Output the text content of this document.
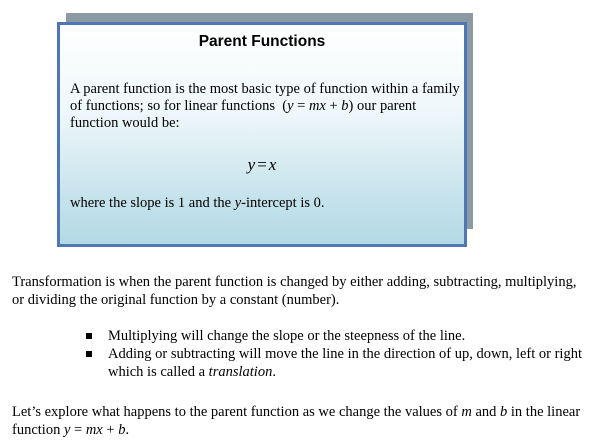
Parent Functions
A parent function is the most basic type of function within a family of functions; so for linear functions (y = mx + b) our parent function would be:
y = x
where the slope is 1 and the y-intercept is 0.
Transformation is when the parent function is changed by either adding, subtracting, multiplying, or dividing the original function by a constant (number).
Multiplying will change the slope or the steepness of the line.
Adding or subtracting will move the line in the direction of up, down, left or right which is called a translation.
Let’s explore what happens to the parent function as we change the values of m and b in the linear function y = mx + b.
